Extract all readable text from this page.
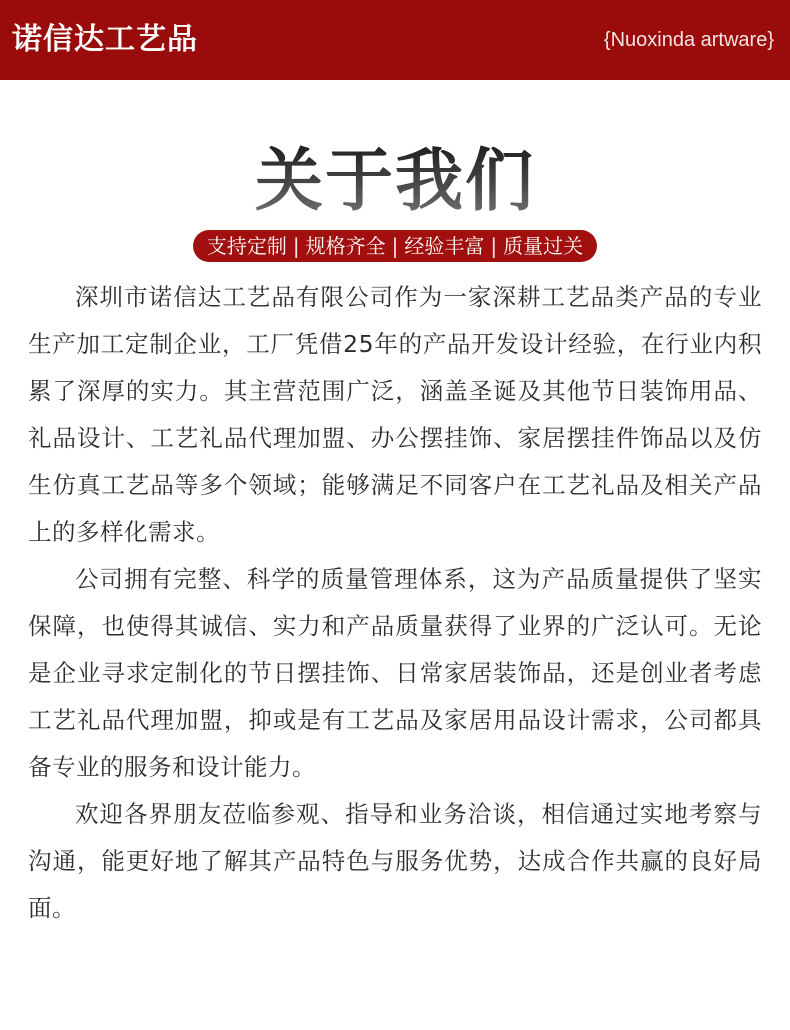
诺信达工艺品	{Nuoxinda artware}
关于我们
支持定制 | 规格齐全 | 经验丰富 | 质量过关

深圳市诺信达工艺品有限公司作为一家深耕工艺品类产品的专业生产加工定制企业，工厂凭借25年的产品开发设计经验，在行业内积累了深厚的实力。其主营范围广泛，涵盖圣诞及其他节日装饰用品、礼品设计、工艺礼品代理加盟、办公摆挂饰、家居摆挂件饰品以及仿生仿真工艺品等多个领域；能够满足不同客户在工艺礼品及相关产品上的多样化需求。

公司拥有完整、科学的质量管理体系，这为产品质量提供了坚实保障，也使得其诚信、实力和产品质量获得了业界的广泛认可。无论是企业寻求定制化的节日摆挂饰、日常家居装饰品，还是创业者考虑工艺礼品代理加盟，抑或是有工艺品及家居用品设计需求，公司都具备专业的服务和设计能力。

欢迎各界朋友莅临参观、指导和业务洽谈，相信通过实地考察与沟通，能更好地了解其产品特色与服务优势，达成合作共赢的良好局面。
